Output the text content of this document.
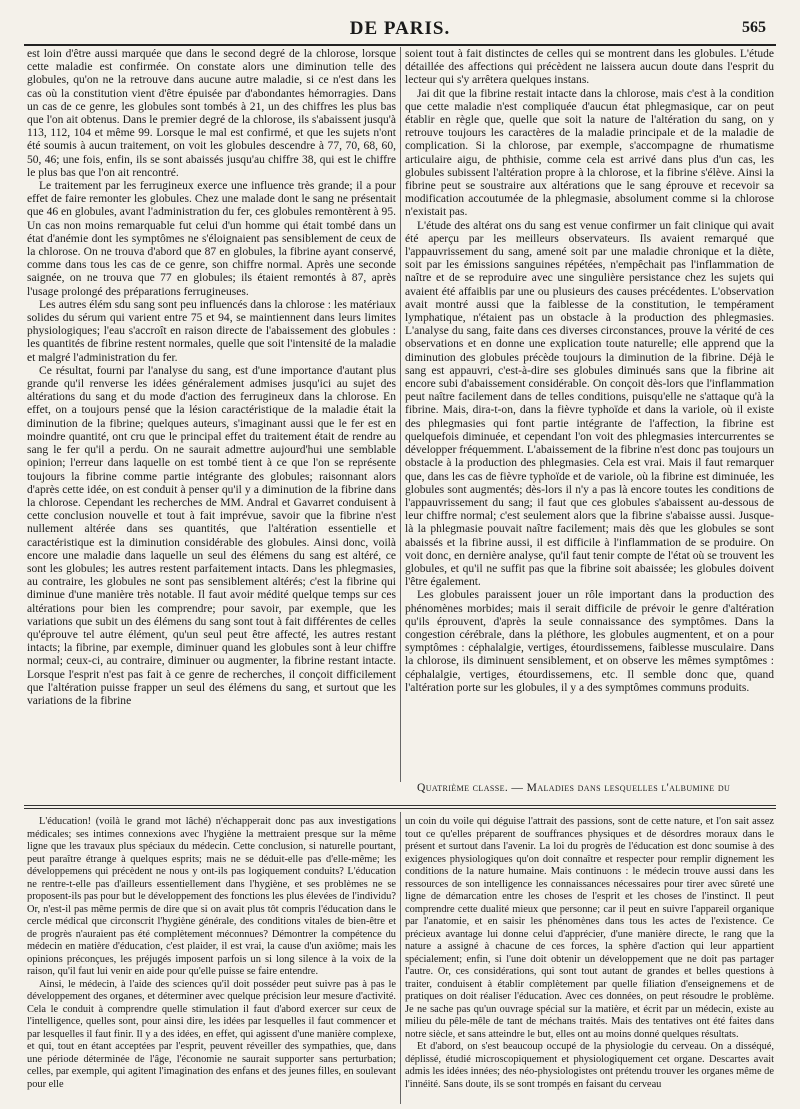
DE PARIS.	565

est loin d'être aussi marquée que dans le second degré de la chlorose, lorsque cette maladie est confirmée. On constate alors une diminution telle des globules, qu'on ne la retrouve dans aucune autre maladie, si ce n'est dans les cas où la constitution vient d'être épuisée par d'abondantes hémorragies. Dans un cas de ce genre, les globules sont tombés à 21, un des chiffres les plus bas que l'on ait obtenus. Dans le premier degré de la chlorose, ils s'abaissent jusqu'à 113, 112, 104 et même 99. Lorsque le mal est confirmé, et que les sujets n'ont été soumis à aucun traitement, on voit les globules descendre à 77, 70, 68, 60, 50, 46; une fois, enfin, ils se sont abaissés jusqu'au chiffre 38, qui est le chiffre le plus bas que l'on ait rencontré.

Le traitement par les ferrugineux exerce une influence très grande; il a pour effet de faire remonter les globules. Chez une malade dont le sang ne présentait que 46 en globules, avant l'administration du fer, ces globules remontèrent à 95. Un cas non moins remarquable fut celui d'un homme qui était tombé dans un état d'anémie dont les symptômes ne s'éloignaient pas sensiblement de ceux de la chlorose. On ne trouva d'abord que 87 en globules, la fibrine ayant conservé, comme dans tous les cas de ce genre, son chiffre normal. Après une seconde saignée, on ne trouva que 77 en globules; ils étaient remontés à 87, après l'usage prolongé des préparations ferrugineuses.

Les autres élém sdu sang sont peu influencés dans la chlorose : les matériaux solides du sérum qui varient entre 75 et 94, se maintiennent dans leurs limites physiologiques; l'eau s'accroît en raison directe de l'abaissement des globules : les quantités de fibrine restent normales, quelle que soit l'intensité de la maladie et malgré l'administration du fer.

Ce résultat, fourni par l'analyse du sang, est d'une importance d'autant plus grande qu'il renverse les idées généralement admises jusqu'ici au sujet des altérations du sang et du mode d'action des ferrugineux dans la chlorose. En effet, on a toujours pensé que la lésion caractéristique de la maladie était la diminution de la fibrine; quelques auteurs, s'imaginant aussi que le fer est en moindre quantité, ont cru que le principal effet du traitement était de rendre au sang le fer qu'il a perdu. On ne saurait admettre aujourd'hui une semblable opinion; l'erreur dans laquelle on est tombé tient à ce que l'on se représente toujours la fibrine comme partie intégrante des globules; raisonnant alors d'après cette idée, on est conduit à penser qu'il y a diminution de la fibrine dans la chlorose. Cependant les recherches de MM. Andral et Gavarret conduisent à cette conclusion nouvelle et tout à fait imprévue, savoir que la fibrine n'est nullement altérée dans ses quantités, que l'altération essentielle et caractéristique est la diminution considérable des globules. Ainsi donc, voilà encore une maladie dans laquelle un seul des élémens du sang est altéré, ce sont les globules; les autres restent parfaitement intacts. Dans les phlegmasies, au contraire, les globules ne sont pas sensiblement altérés; c'est la fibrine qui diminue d'une manière très notable. Il faut avoir médité quelque temps sur ces altérations pour bien les comprendre; pour savoir, par exemple, que les variations que subit un des élémens du sang sont tout à fait différentes de celles qu'éprouve tel autre élément, qu'un seul peut être affecté, les autres restant intacts; la fibrine, par exemple, diminuer quand les globules sont à leur chiffre normal; ceux-ci, au contraire, diminuer ou augmenter, la fibrine restant intacte. Lorsque l'esprit n'est pas fait à ce genre de recherches, il conçoit difficilement que l'altération puisse frapper un seul des élémens du sang, et surtout que les variations de la fibrine

soient tout à fait distinctes de celles qui se montrent dans les globules. L'étude détaillée des affections qui précèdent ne laissera aucun doute dans l'esprit du lecteur qui s'y arrêtera quelques instans.

Jai dit que la fibrine restait intacte dans la chlorose, mais c'est à la condition que cette maladie n'est compliquée d'aucun état phlegmasique, car on peut établir en règle que, quelle que soit la nature de l'altération du sang, on y retrouve toujours les caractères de la maladie principale et de la maladie de complication. Si la chlorose, par exemple, s'accompagne de rhumatisme articulaire aigu, de phthisie, comme cela est arrivé dans plus d'un cas, les globules subissent l'altération propre à la chlorose, et la fibrine s'élève. Ainsi la fibrine peut se soustraire aux altérations que le sang éprouve et recevoir sa modification accoutumée de la phlegmasie, absolument comme si la chlorose n'existait pas.

L'étude des altérat ons du sang est venue confirmer un fait clinique qui avait été aperçu par les meilleurs observateurs. Ils avaient remarqué que l'appauvrissement du sang, amené soit par une maladie chronique et la diète, soit par les émissions sanguines répétées, n'empêchait pas l'inflammation de naître et de se reproduire avec une singulière persistance chez les sujets qui avaient été affaiblis par une ou plusieurs des causes précédentes. L'observation avait montré aussi que la faiblesse de la constitution, le tempérament lymphatique, n'étaient pas un obstacle à la production des phlegmasies. L'analyse du sang, faite dans ces diverses circonstances, prouve la vérité de ces observations et en donne une explication toute naturelle; elle apprend que la diminution des globules précède toujours la diminution de la fibrine. Déjà le sang est appauvri, c'est-à-dire ses globules diminués sans que la fibrine ait encore subi d'abaissement considérable. On conçoit dès-lors que l'inflammation peut naître facilement dans de telles conditions, puisqu'elle ne s'attaque qu'à la fibrine. Mais, dira-t-on, dans la fièvre typhoïde et dans la variole, où il existe des phlegmasies qui font partie intégrante de l'affection, la fibrine est quelquefois diminuée, et cependant l'on voit des phlegmasies intercurrentes se développer fréquemment. L'abaissement de la fibrine n'est donc pas toujours un obstacle à la production des phlegmasies. Cela est vrai. Mais il faut remarquer que, dans les cas de fièvre typhoïde et de variole, où la fibrine est diminuée, les globules sont augmentés; dès-lors il n'y a pas là encore toutes les conditions de l'appauvrissement du sang; il faut que ces globules s'abaissent au-dessous de leur chiffre normal; c'est seulement alors que la fibrine s'abaisse aussi. Jusque-là la phlegmasie pouvait naître facilement; mais dès que les globules se sont abaissés et la fibrine aussi, il est difficile à l'inflammation de se produire. On voit donc, en dernière analyse, qu'il faut tenir compte de l'état où se trouvent les globules, et qu'il ne suffit pas que la fibrine soit abaissée; les globules doivent l'être également.

Les globules paraissent jouer un rôle important dans la production des phénomènes morbides; mais il serait difficile de prévoir le genre d'altération qu'ils éprouvent, d'après la seule connaissance des symptômes. Dans la congestion cérébrale, dans la pléthore, les globules augmentent, et on a pour symptômes : céphalalgie, vertiges, étourdissemens, faiblesse musculaire. Dans la chlorose, ils diminuent sensiblement, et on observe les mêmes symptômes : céphalalgie, vertiges, étourdissemens, etc. Il semble donc que, quand l'altération porte sur les globules, il y a des symptômes communs produits.

Quatrième classe. — Maladies dans lesquelles l'albumine du

L'éducation! (voilà le grand mot lâché) n'échapperait donc pas aux investigations médicales; ses intimes connexions avec l'hygiène la mettraient presque sur la même ligne que les travaux plus spéciaux du médecin. Cette conclusion, si naturelle pourtant, peut paraître étrange à quelques esprits; mais ne se déduit-elle pas d'elle-même; les développemens qui précèdent ne nous y ont-ils pas logiquement conduits? L'éducation ne rentre-t-elle pas d'ailleurs essentiellement dans l'hygiène, et ses problèmes ne se proposent-ils pas pour but le développement des fonctions les plus élevées de l'individu? Or, n'est-il pas même permis de dire que si on avait plus tôt compris l'éducation dans le cercle médical que circonscrit l'hygiène générale, des conditions vitales de bien-être et de progrès n'auraient pas été complètement méconnues? Démontrer la compétence du médecin en matière d'éducation, c'est plaider, il est vrai, la cause d'un axiôme; mais les opinions préconçues, les préjugés imposent parfois un si long silence à la voix de la raison, qu'il faut lui venir en aide pour qu'elle puisse se faire entendre.

Ainsi, le médecin, à l'aide des sciences qu'il doit posséder peut suivre pas à pas le développement des organes, et déterminer avec quelque précision leur mesure d'activité. Cela le conduit à comprendre quelle stimulation il faut d'abord exercer sur ceux de l'intelligence, quelles sont, pour ainsi dire, les idées par lesquelles il faut commencer et par lesquelles il faut finir. Il y a des idées, en effet, qui agissent d'une manière complexe, et qui, tout en étant acceptées par l'esprit, peuvent réveiller des sympathies, que, dans une période déterminée de l'âge, l'économie ne saurait supporter sans perturbation; celles, par exemple, qui agitent l'imagination des enfans et des jeunes filles, en soulevant pour elle

un coin du voile qui déguise l'attrait des passions, sont de cette nature, et l'on sait assez tout ce qu'elles préparent de souffrances physiques et de désordres moraux dans le présent et surtout dans l'avenir. La loi du progrès de l'éducation est donc soumise à des exigences physiologiques qu'on doit connaître et respecter pour remplir dignement les conditions de la nature humaine. Mais continuons : le médecin trouve aussi dans les ressources de son intelligence les connaissances nécessaires pour tirer avec sûreté une ligne de démarcation entre les choses de l'esprit et les choses de l'instinct. Il peut comprendre cette dualité mieux que personne; car il peut en suivre l'appareil organique par l'anatomie, et en saisir les phénomènes dans tous les actes de l'existence. Ce précieux avantage lui donne celui d'apprécier, d'une manière directe, le rang que la nature a assigné à chacune de ces forces, la sphère d'action qui leur appartient spécialement; enfin, si l'une doit obtenir un développement que ne doit pas partager l'autre. Or, ces considérations, qui sont tout autant de grandes et belles questions à traiter, conduisent à établir complètement par quelle filiation d'enseignemens et de pratiques on doit réaliser l'éducation. Avec ces données, on peut résoudre le problème. Je ne sache pas qu'un ouvrage spécial sur la matière, et écrit par un médecin, existe au milieu du pêle-mêle de tant de méchans traités. Mais des tentatives ont été faites dans notre siècle, et sans atteindre le but, elles ont au moins donné quelques résultats.

Et d'abord, on s'est beaucoup occupé de la physiologie du cerveau. On a disséqué, déplissé, étudié microscopiquement et physiologiquement cet organe. Descartes avait admis les idées innées; des néo-physiologistes ont prétendu trouver les organes même de l'innéité. Sans doute, ils se sont trompés en faisant du cerveau
